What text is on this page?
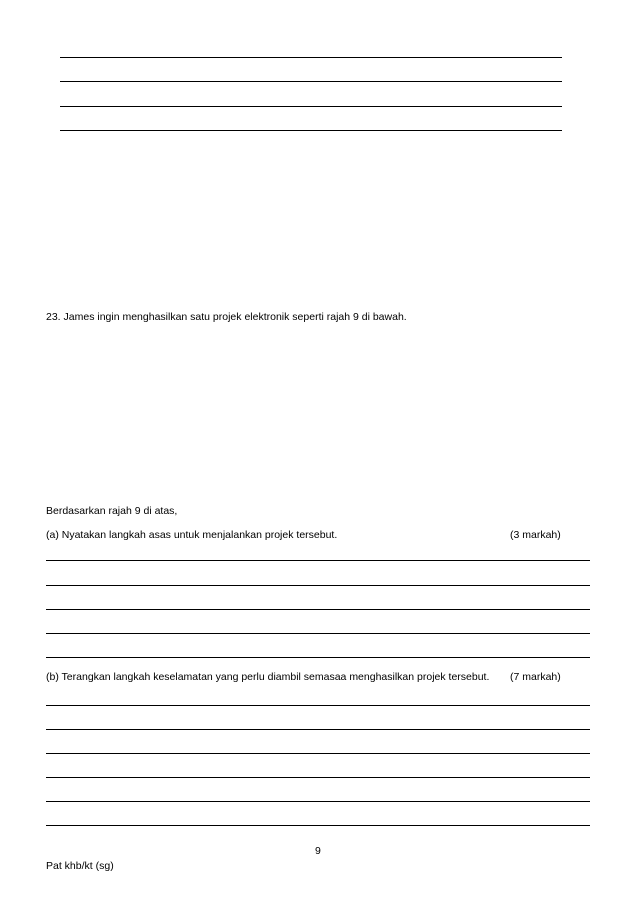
23. James ingin menghasilkan satu projek elektronik seperti rajah 9 di bawah.
Berdasarkan rajah 9 di atas,
(a) Nyatakan langkah asas untuk menjalankan projek tersebut.	(3 markah)
(b) Terangkan langkah keselamatan yang perlu diambil semasaa menghasilkan projek tersebut. (7 markah)
9
Pat khb/kt (sg)
